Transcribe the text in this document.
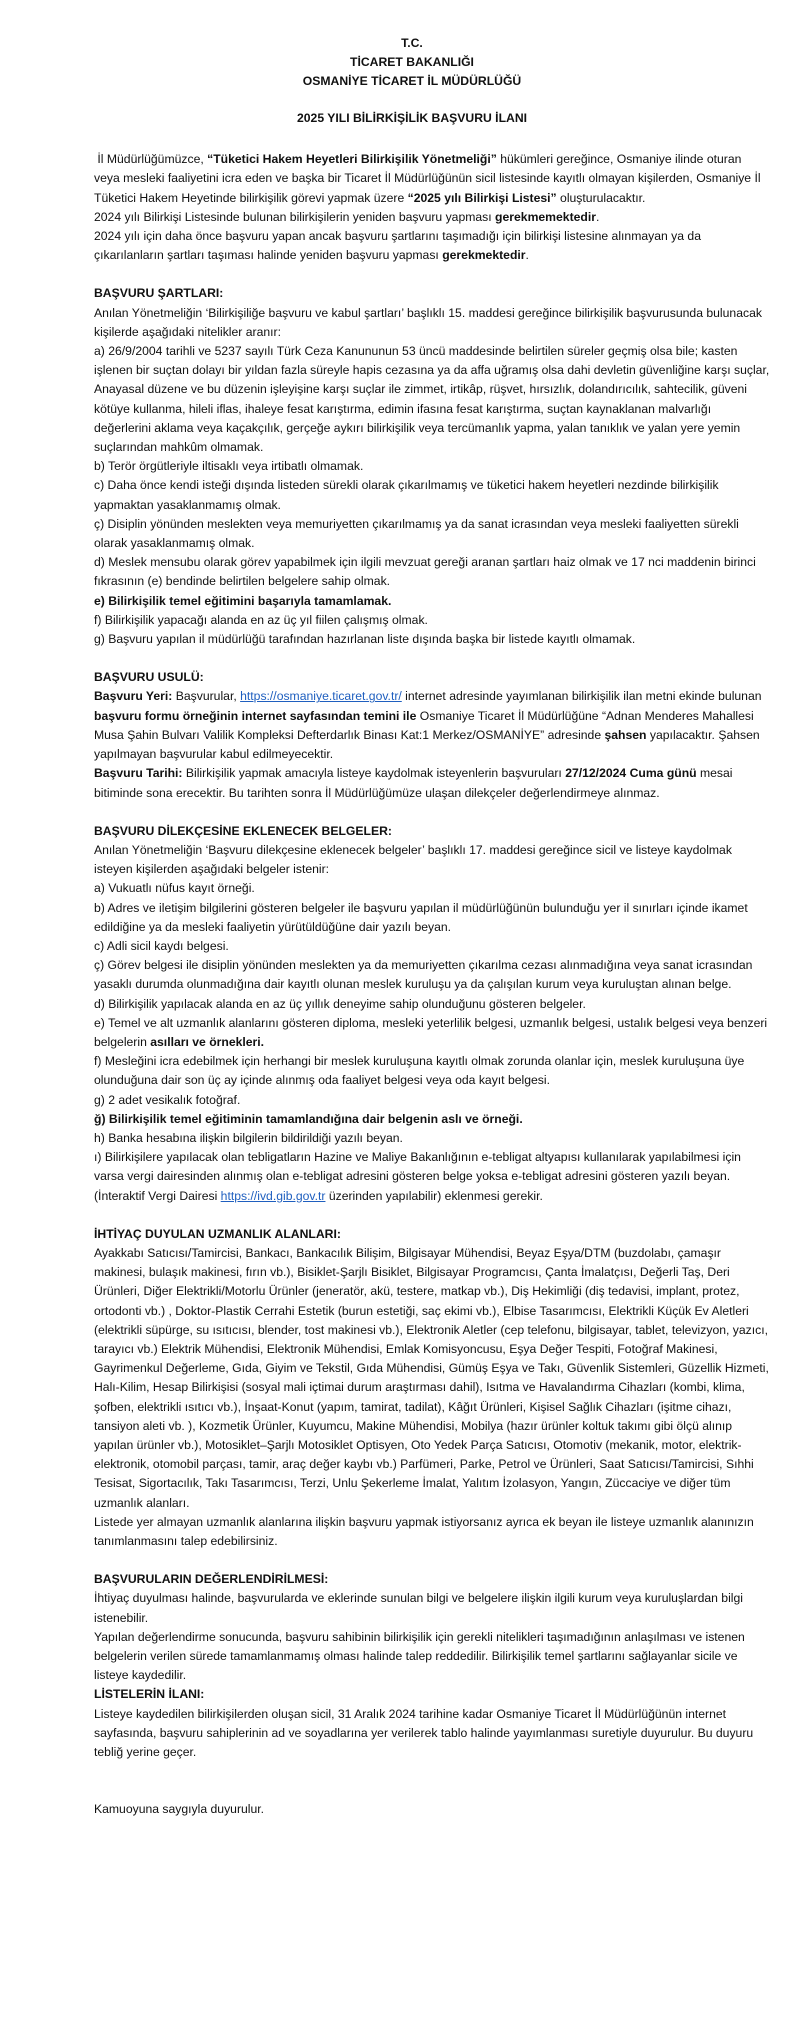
T.C.
TİCARET BAKANLIĞI
OSMANİYE TİCARET İL MÜDÜRLÜĞÜ
2025 YILI BİLİRKİŞİLİK BAŞVURU İLANI

İl Müdürlüğümüzce, “Tüketici Hakem Heyetleri Bilirkişilik Yönetmeliği” hükümleri gereğince, Osmaniye ilinde oturan veya mesleki faaliyetini icra eden ve başka bir Ticaret İl Müdürlüğünün sicil listesinde kayıtlı olmayan kişilerden, Osmaniye İl Tüketici Hakem Heyetinde bilirkişilik görevi yapmak üzere “2025 yılı Bilirkişi Listesi” oluşturulacaktır.

2024 yılı Bilirkişi Listesinde bulunan bilirkişilerin yeniden başvuru yapması gerekmemektedir.

2024 yılı için daha önce başvuru yapan ancak başvuru şartlarını taşımadığı için bilirkişi listesine alınmayan ya da çıkarılanların şartları taşıması halinde yeniden başvuru yapması gerekmektedir.

BAŞVURU ŞARTLARI:

Anılan Yönetmeliğin ‘Bilirkişiliğe başvuru ve kabul şartları’ başlıklı 15. maddesi gereğince bilirkişilik başvurusunda bulunacak kişilerde aşağıdaki nitelikler aranır:

a) 26/9/2004 tarihli ve 5237 sayılı Türk Ceza Kanununun 53 üncü maddesinde belirtilen süreler geçmiş olsa bile; kasten işlenen bir suçtan dolayı bir yıldan fazla süreyle hapis cezasına ya da affa uğramış olsa dahi devletin güvenliğine karşı suçlar, Anayasal düzene ve bu düzenin işleyişine karşı suçlar ile zimmet, irtikâp, rüşvet, hırsızlık, dolandırıcılık, sahtecilik, güveni kötüye kullanma, hileli iflas, ihaleye fesat karıştırma, edimin ifasına fesat karıştırma, suçtan kaynaklanan malvarlığı değerlerini aklama veya kaçakçılık, gerçeğe aykırı bilirkişilik veya tercümanlık yapma, yalan tanıklık ve yalan yere yemin suçlarından mahkûm olmamak.

b) Terör örgütleriyle iltisaklı veya irtibatlı olmamak.

c) Daha önce kendi isteği dışında listeden sürekli olarak çıkarılmamış ve tüketici hakem heyetleri nezdinde bilirkişilik yapmaktan yasaklanmamış olmak.

ç) Disiplin yönünden meslekten veya memuriyetten çıkarılmamış ya da sanat icrasından veya mesleki faaliyetten sürekli olarak yasaklanmamış olmak.

d) Meslek mensubu olarak görev yapabilmek için ilgili mevzuat gereği aranan şartları haiz olmak ve 17 nci maddenin birinci fıkrasının (e) bendinde belirtilen belgelere sahip olmak.

e) Bilirkişilik temel eğitimini başarıyla tamamlamak.

f) Bilirkişilik yapacağı alanda en az üç yıl fiilen çalışmış olmak.

g) Başvuru yapılan il müdürlüğü tarafından hazırlanan liste dışında başka bir listede kayıtlı olmamak.

BAŞVURU USULÜ:

Başvuru Yeri: Başvurular, https://osmaniye.ticaret.gov.tr/ internet adresinde yayımlanan bilirkişilik ilan metni ekinde bulunan başvuru formu örneğinin internet sayfasından temini ile Osmaniye Ticaret İl Müdürlüğüne “Adnan Menderes Mahallesi Musa Şahin Bulvarı Valilik Kompleksi Defterdarlık Binası Kat:1 Merkez/OSMANİYE” adresinde şahsen yapılacaktır. Şahsen yapılmayan başvurular kabul edilmeyecektir.

Başvuru Tarihi: Bilirkişilik yapmak amacıyla listeye kaydolmak isteyenlerin başvuruları 27/12/2024 Cuma günü mesai bitiminde sona erecektir. Bu tarihten sonra İl Müdürlüğümüze ulaşan dilekçeler değerlendirmeye alınmaz.

BAŞVURU DİLEKÇESİNE EKLENECEK BELGELER:

Anılan Yönetmeliğin ‘Başvuru dilekçesine eklenecek belgeler’ başlıklı 17. maddesi gereğince sicil ve listeye kaydolmak isteyen kişilerden aşağıdaki belgeler istenir:

a) Vukuatlı nüfus kayıt örneği.

b) Adres ve iletişim bilgilerini gösteren belgeler ile başvuru yapılan il müdürlüğünün bulunduğu yer il sınırları içinde ikamet edildiğine ya da mesleki faaliyetin yürütüldüğüne dair yazılı beyan.

c) Adli sicil kaydı belgesi.

ç) Görev belgesi ile disiplin yönünden meslekten ya da memuriyetten çıkarılma cezası alınmadığına veya sanat icrasından yasaklı durumda olunmadığına dair kayıtlı olunan meslek kuruluşu ya da çalışılan kurum veya kuruluştan alınan belge.

d) Bilirkişilik yapılacak alanda en az üç yıllık deneyime sahip olunduğunu gösteren belgeler.

e) Temel ve alt uzmanlık alanlarını gösteren diploma, mesleki yeterlilik belgesi, uzmanlık belgesi, ustalık belgesi veya benzeri belgelerin asılları ve örnekleri.

f) Mesleğini icra edebilmek için herhangi bir meslek kuruluşuna kayıtlı olmak zorunda olanlar için, meslek kuruluşuna üye olunduğuna dair son üç ay içinde alınmış oda faaliyet belgesi veya oda kayıt belgesi.

g) 2 adet vesikalık fotoğraf.

ğ) Bilirkişilik temel eğitiminin tamamlandığına dair belgenin aslı ve örneği.

h) Banka hesabına ilişkin bilgilerin bildirildiği yazılı beyan.

ı) Bilirkişilere yapılacak olan tebligatların Hazine ve Maliye Bakanlığının e-tebligat altyapısı kullanılarak yapılabilmesi için varsa vergi dairesinden alınmış olan e-tebligat adresini gösteren belge yoksa e-tebligat adresini gösteren yazılı beyan. (İnteraktif Vergi Dairesi https://ivd.gib.gov.tr üzerinden yapılabilir) eklenmesi gerekir.

İHTİYAÇ DUYULAN UZMANLIK ALANLARI:

Ayakkabı Satıcısı/Tamircisi, Bankacı, Bankacılık Bilişim, Bilgisayar Mühendisi, Beyaz Eşya/DTM (buzdolabı, çamaşır makinesi, bulaşık makinesi, fırın vb.), Bisiklet-Şarjlı Bisiklet, Bilgisayar Programcısı, Çanta İmalatçısı, Değerli Taş, Deri Ürünleri, Diğer Elektrikli/Motorlu Ürünler (jeneratör, akü, testere, matkap vb.), Diş Hekimliği (diş tedavisi, implant, protez, ortodonti vb.) , Doktor-Plastik Cerrahi Estetik (burun estetiği, saç ekimi vb.), Elbise Tasarımcısı, Elektrikli Küçük Ev Aletleri (elektrikli süpürge, su ısıtıcısı, blender, tost makinesi vb.), Elektronik Aletler (cep telefonu, bilgisayar, tablet, televizyon, yazıcı, tarayıcı vb.) Elektrik Mühendisi, Elektronik Mühendisi, Emlak Komisyoncusu, Eşya Değer Tespiti, Fotoğraf Makinesi, Gayrimenkul Değerleme, Gıda, Giyim ve Tekstil, Gıda Mühendisi, Gümüş Eşya ve Takı, Güvenlik Sistemleri, Güzellik Hizmeti, Halı-Kilim, Hesap Bilirkişisi (sosyal mali içtimai durum araştırması dahil), Isıtma ve Havalandırma Cihazları (kombi, klima, şofben, elektrikli ısıtıcı vb.), İnşaat-Konut (yapım, tamirat, tadilat), Kâğıt Ürünleri, Kişisel Sağlık Cihazları (işitme cihazı, tansiyon aleti vb. ), Kozmetik Ürünler, Kuyumcu, Makine Mühendisi, Mobilya (hazır ürünler koltuk takımı gibi ölçü alınıp yapılan ürünler vb.), Motosiklet–Şarjlı Motosiklet Optisyen, Oto Yedek Parça Satıcısı, Otomotiv (mekanik, motor, elektrik-elektronik, otomobil parçası, tamir, araç değer kaybı vb.) Parfümeri, Parke, Petrol ve Ürünleri, Saat Satıcısı/Tamircisi, Sıhhi Tesisat, Sigortacılık, Takı Tasarımcısı, Terzi, Unlu Şekerleme İmalat, Yalıtım İzolasyon, Yangın, Züccaciye ve diğer tüm uzmanlık alanları.

Listede yer almayan uzmanlık alanlarına ilişkin başvuru yapmak istiyorsanız ayrıca ek beyan ile listeye uzmanlık alanınızın tanımlanmasını talep edebilirsiniz.

BAŞVURULARIN DEĞERLENDİRİLMESİ:

İhtiyaç duyulması halinde, başvurularda ve eklerinde sunulan bilgi ve belgelere ilişkin ilgili kurum veya kuruluşlardan bilgi istenebilir.

Yapılan değerlendirme sonucunda, başvuru sahibinin bilirkişilik için gerekli nitelikleri taşımadığının anlaşılması ve istenen belgelerin verilen sürede tamamlanmamış olması halinde talep reddedilir. Bilirkişilik temel şartlarını sağlayanlar sicile ve listeye kaydedilir.

LİSTELERİN İLANI:

Listeye kaydedilen bilirkişilerden oluşan sicil, 31 Aralık 2024 tarihine kadar Osmaniye Ticaret İl Müdürlüğünün internet sayfasında, başvuru sahiplerinin ad ve soyadlarına yer verilerek tablo halinde yayımlanması suretiyle duyurulur. Bu duyuru tebliğ yerine geçer.

Kamuoyuna saygıyla duyurulur.
